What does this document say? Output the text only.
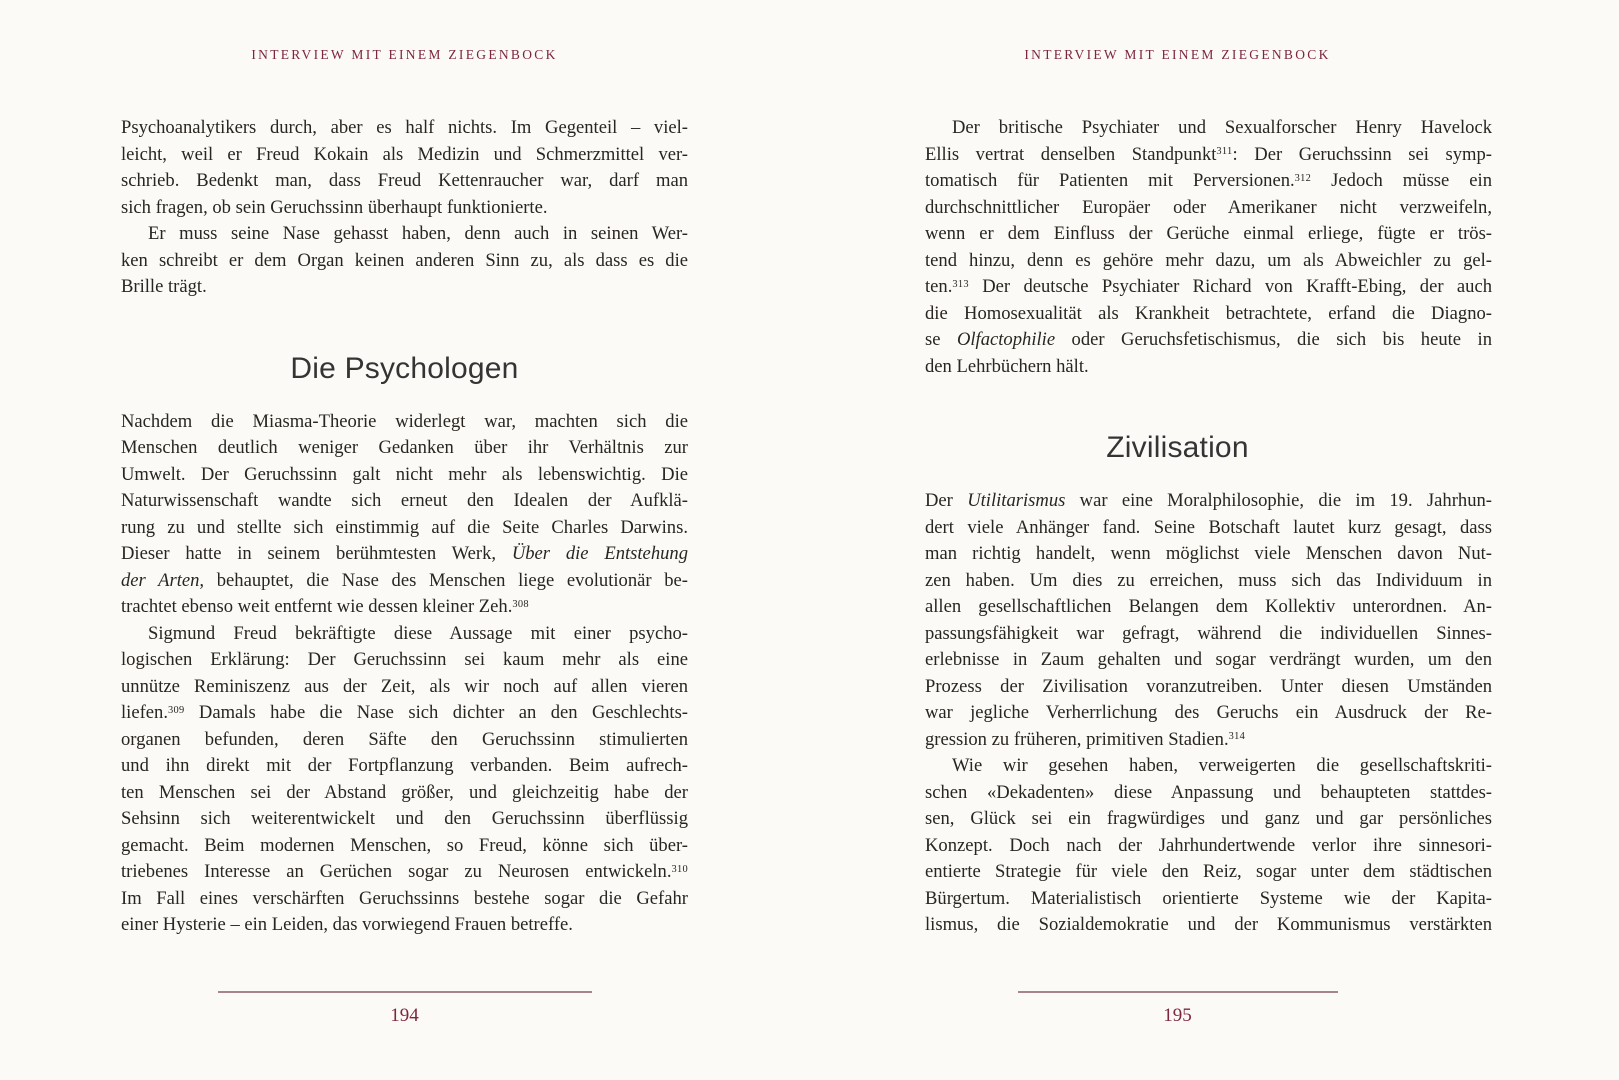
INTERVIEW MIT EINEM ZIEGENBOCK
Psychoanalytikers durch, aber es half nichts. Im Gegenteil – viel-
leicht, weil er Freud Kokain als Medizin und Schmerzmittel ver-
schrieb. Bedenkt man, dass Freud Kettenraucher war, darf man
sich fragen, ob sein Geruchssinn überhaupt funktionierte.
Er muss seine Nase gehasst haben, denn auch in seinen Wer-
ken schreibt er dem Organ keinen anderen Sinn zu, als dass es die
Brille trägt.
Die Psychologen
Nachdem die Miasma-Theorie widerlegt war, machten sich die
Menschen deutlich weniger Gedanken über ihr Verhältnis zur
Umwelt. Der Geruchssinn galt nicht mehr als lebenswichtig. Die
Naturwissenschaft wandte sich erneut den Idealen der Aufklä-
rung zu und stellte sich einstimmig auf die Seite Charles Darwins.
Dieser hatte in seinem berühmtesten Werk, Über die Entstehung
der Arten, behauptet, die Nase des Menschen liege evolutionär be-
trachtet ebenso weit entfernt wie dessen kleiner Zeh.$^{308}$
Sigmund Freud bekräftigte diese Aussage mit einer psycho-
logischen Erklärung: Der Geruchssinn sei kaum mehr als eine
unnütze Reminiszenz aus der Zeit, als wir noch auf allen vieren
liefen.$^{309}$ Damals habe die Nase sich dichter an den Geschlechts-
organen befunden, deren Säfte den Geruchssinn stimulierten
und ihn direkt mit der Fortpflanzung verbanden. Beim aufrech-
ten Menschen sei der Abstand größer, und gleichzeitig habe der
Sehsinn sich weiterentwickelt und den Geruchssinn überflüssig
gemacht. Beim modernen Menschen, so Freud, könne sich über-
triebenes Interesse an Gerüchen sogar zu Neurosen entwickeln.$^{310}$
Im Fall eines verschärften Geruchssinns bestehe sogar die Gefahr
einer Hysterie – ein Leiden, das vorwiegend Frauen betreffe.
194
INTERVIEW MIT EINEM ZIEGENBOCK
Der britische Psychiater und Sexualforscher Henry Havelock
Ellis vertrat denselben Standpunkt$^{311}$: Der Geruchssinn sei symp-
tomatisch für Patienten mit Perversionen.$^{312}$ Jedoch müsse ein
durchschnittlicher Europäer oder Amerikaner nicht verzweifeln,
wenn er dem Einfluss der Gerüche einmal erliege, fügte er trös-
tend hinzu, denn es gehöre mehr dazu, um als Abweichler zu gel-
ten.$^{313}$ Der deutsche Psychiater Richard von Krafft-Ebing, der auch
die Homosexualität als Krankheit betrachtete, erfand die Diagno-
se Olfactophilie oder Geruchsfetischismus, die sich bis heute in
den Lehrbüchern hält.
Zivilisation
Der Utilitarismus war eine Moralphilosophie, die im 19. Jahrhun-
dert viele Anhänger fand. Seine Botschaft lautet kurz gesagt, dass
man richtig handelt, wenn möglichst viele Menschen davon Nut-
zen haben. Um dies zu erreichen, muss sich das Individuum in
allen gesellschaftlichen Belangen dem Kollektiv unterordnen. An-
passungsfähigkeit war gefragt, während die individuellen Sinnes-
erlebnisse in Zaum gehalten und sogar verdrängt wurden, um den
Prozess der Zivilisation voranzutreiben. Unter diesen Umständen
war jegliche Verherrlichung des Geruchs ein Ausdruck der Re-
gression zu früheren, primitiven Stadien.$^{314}$
Wie wir gesehen haben, verweigerten die gesellschaftskriti-
schen «Dekadenten» diese Anpassung und behaupteten stattdes-
sen, Glück sei ein fragwürdiges und ganz und gar persönliches
Konzept. Doch nach der Jahrhundertwende verlor ihre sinnesori-
entierte Strategie für viele den Reiz, sogar unter dem städtischen
Bürgertum. Materialistisch orientierte Systeme wie der Kapita-
lismus, die Sozialdemokratie und der Kommunismus verstärkten
195
